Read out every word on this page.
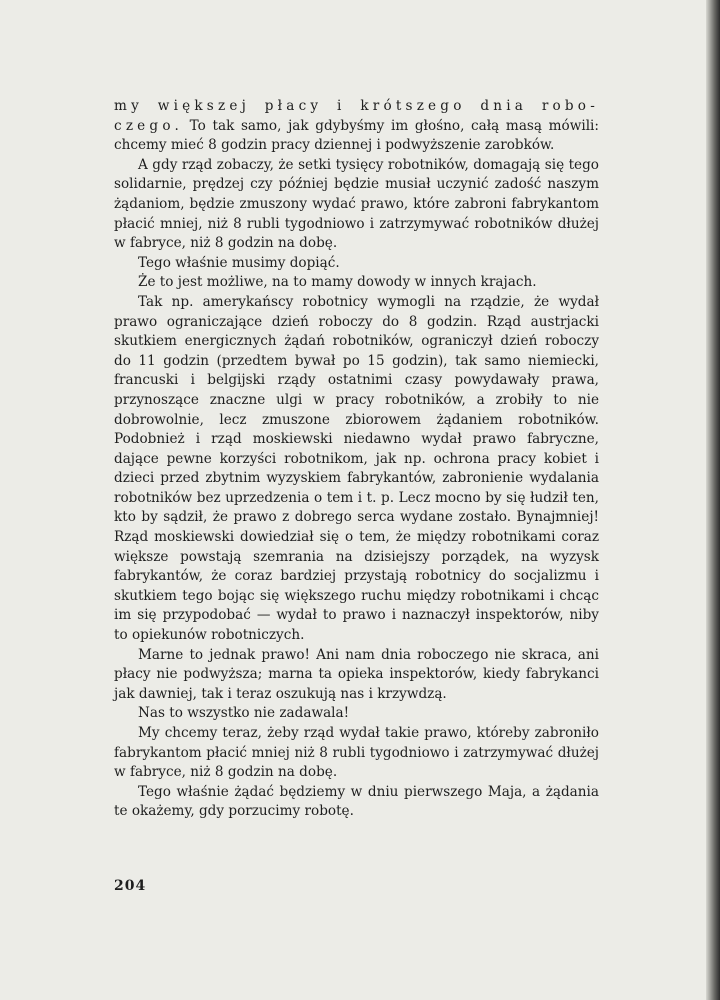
my większej płacy i krótszego dnia robo-czego. To tak samo, jak gdybyśmy im głośno, całą masą mówili: chcemy mieć 8 godzin pracy dziennej i podwyższenie zarobków.

A gdy rząd zobaczy, że setki tysięcy robotników, domagają się tego solidarnie, prędzej czy później będzie musiał uczynić zadość naszym żądaniom, będzie zmuszony wydać prawo, które zabroni fabrykantom płacić mniej, niż 8 rubli tygodniowo i zatrzymywać robotników dłużej w fabryce, niż 8 godzin na dobę.

Tego właśnie musimy dopiąć.

Że to jest możliwe, na to mamy dowody w innych krajach.

Tak np. amerykańscy robotnicy wymogli na rządzie, że wydał prawo ograniczające dzień roboczy do 8 godzin. Rząd austrjacki skutkiem energicznych żądań robotników, ograniczył dzień roboczy do 11 godzin (przedtem bywał po 15 godzin), tak samo niemiecki, francuski i belgijski rządy ostatnimi czasy powydawały prawa, przynoszące znaczne ulgi w pracy robotników, a zrobiły to nie dobrowolnie, lecz zmuszone zbiorowem żądaniem robotników. Podobnież i rząd moskiewski niedawno wydał prawo fabryczne, dające pewne korzyści robotnikom, jak np. ochrona pracy kobiet i dzieci przed zbytnim wyzyskiem fabrykantów, zabronienie wydalania robotników bez uprzedzenia o tem i t. p. Lecz mocno by się łudził ten, kto by sądził, że prawo z dobrego serca wydane zostało. Bynajmniej! Rząd moskiewski dowiedział się o tem, że między robotnikami coraz większe powstają szemrania na dzisiejszy porządek, na wyzysk fabrykantów, że coraz bardziej przystają robotnicy do socjalizmu i skutkiem tego bojąc się większego ruchu między robotnikami i chcąc im się przypodobać — wydał to prawo i naznaczył inspektorów, niby to opiekunów robotniczych.

Marne to jednak prawo! Ani nam dnia roboczego nie skraca, ani płacy nie podwyższa; marna ta opieka inspektorów, kiedy fabrykanci jak dawniej, tak i teraz oszukują nas i krzywdzą.

Nas to wszystko nie zadawala!

My chcemy teraz, żeby rząd wydał takie prawo, któreby zabroniło fabrykantom płacić mniej niż 8 rubli tygodniowo i zatrzymywać dłużej w fabryce, niż 8 godzin na dobę.

Tego właśnie żądać będziemy w dniu pierwszego Maja, a żądania te okażemy, gdy porzucimy robotę.

204
